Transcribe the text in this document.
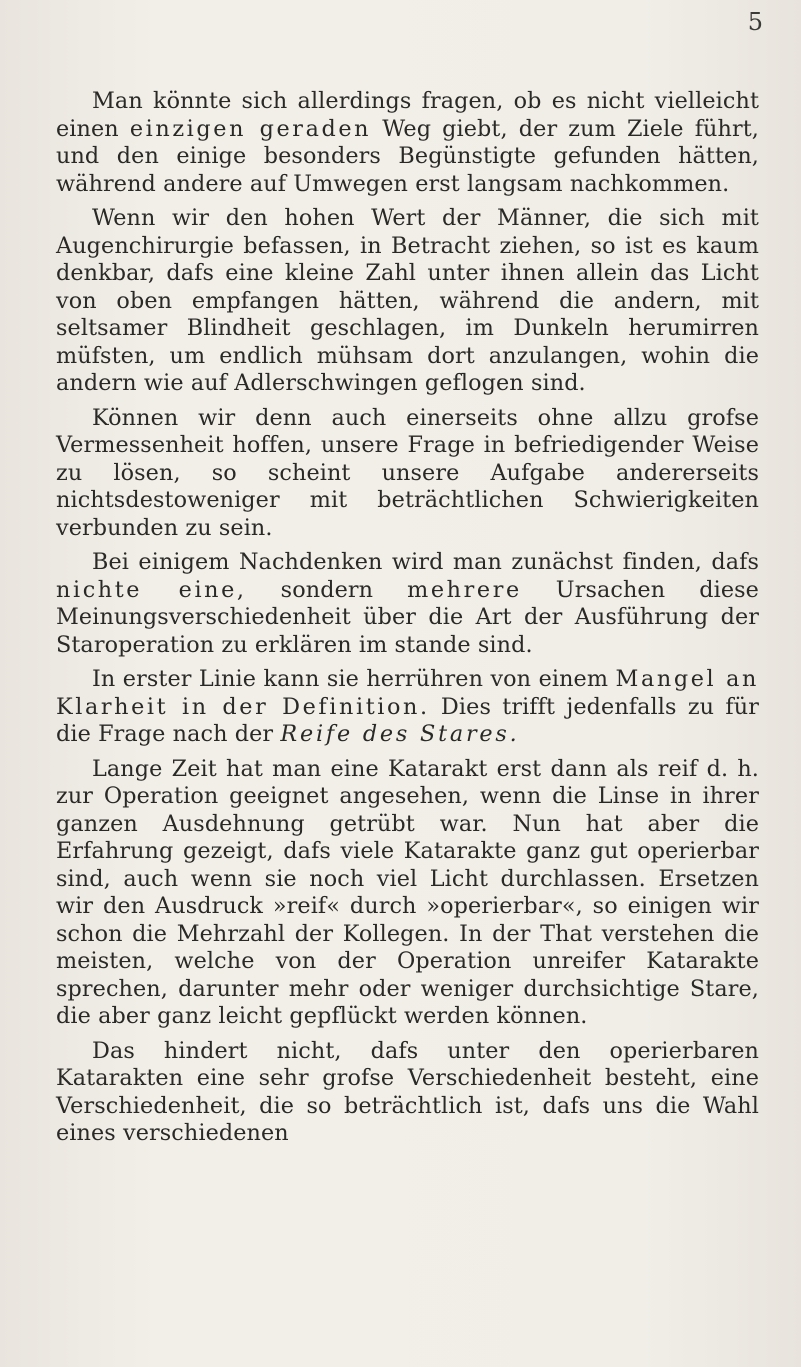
5

Man könnte sich allerdings fragen, ob es nicht vielleicht einen einzigen geraden Weg giebt, der zum Ziele führt, und den einige besonders Begünstigte gefunden hätten, während andere auf Umwegen erst langsam nachkommen.

Wenn wir den hohen Wert der Männer, die sich mit Augenchirurgie befassen, in Betracht ziehen, so ist es kaum denkbar, dafs eine kleine Zahl unter ihnen allein das Licht von oben empfangen hätten, während die andern, mit seltsamer Blindheit geschlagen, im Dunkeln herumirren müfsten, um endlich mühsam dort anzulangen, wohin die andern wie auf Adlerschwingen geflogen sind.

Können wir denn auch einerseits ohne allzu grofse Vermessenheit hoffen, unsere Frage in befriedigender Weise zu lösen, so scheint unsere Aufgabe andererseits nichtsdestoweniger mit beträchtlichen Schwierigkeiten verbunden zu sein.

Bei einigem Nachdenken wird man zunächst finden, dafs nichte eine, sondern mehrere Ursachen diese Meinungsverschiedenheit über die Art der Ausführung der Staroperation zu erklären im stande sind.

In erster Linie kann sie herrühren von einem Mangel an Klarheit in der Definition. Dies trifft jedenfalls zu für die Frage nach der Reife des Stares.

Lange Zeit hat man eine Katarakt erst dann als reif d. h. zur Operation geeignet angesehen, wenn die Linse in ihrer ganzen Ausdehnung getrübt war. Nun hat aber die Erfahrung gezeigt, dafs viele Katarakte ganz gut operierbar sind, auch wenn sie noch viel Licht durchlassen. Ersetzen wir den Ausdruck »reif« durch »operierbar«, so einigen wir schon die Mehrzahl der Kollegen. In der That verstehen die meisten, welche von der Operation unreifer Katarakte sprechen, darunter mehr oder weniger durchsichtige Stare, die aber ganz leicht gepflückt werden können.

Das hindert nicht, dafs unter den operierbaren Katarakten eine sehr grofse Verschiedenheit besteht, eine Verschiedenheit, die so beträchtlich ist, dafs uns die Wahl eines verschiedenen
